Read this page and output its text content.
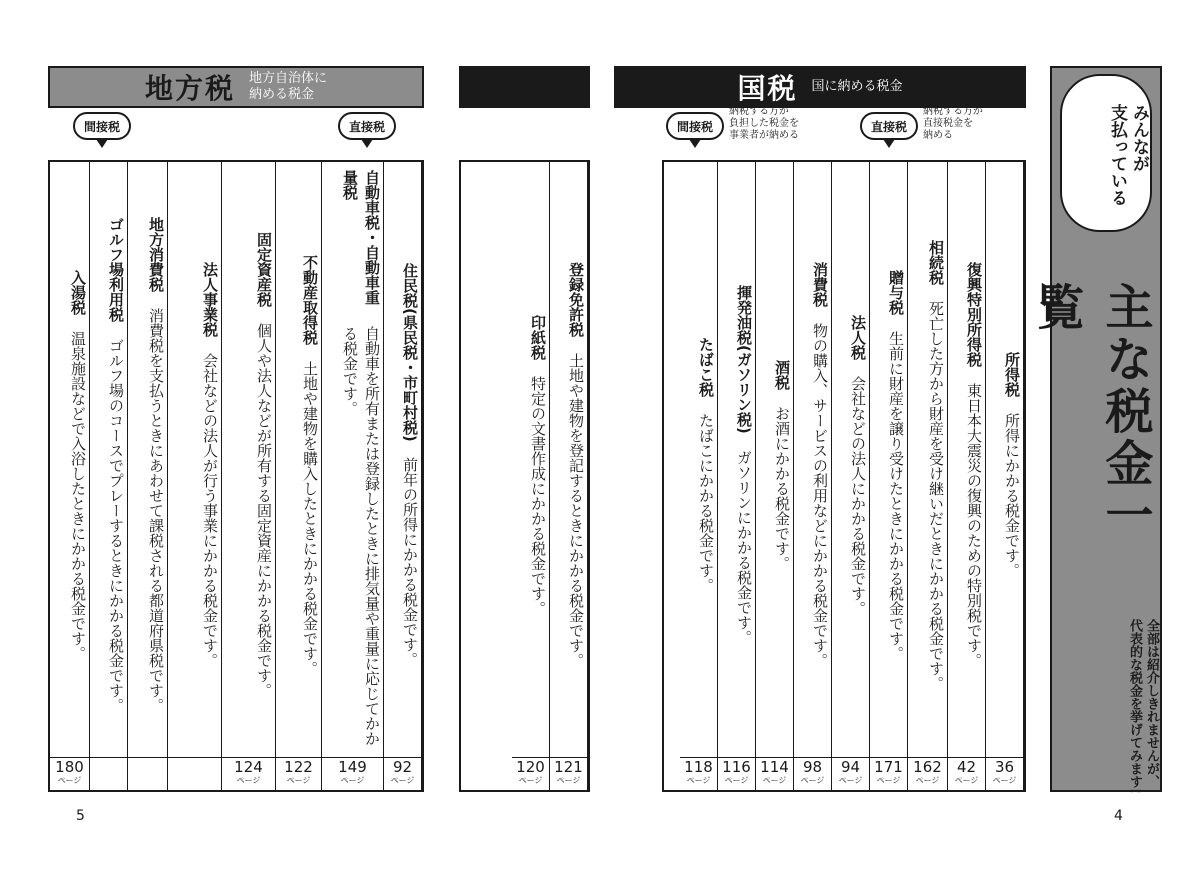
地方税 地方自治体に
納める税金	国税 国に納める税金
間接税	直接税	間接税
納税する方が
負担した税金を
事業者が納める
直接税
納税する方が
直接税金を
納める
住民税(県民税・市町村税)
前年の所得にかかる税金です。
92
ページ
自動車税・自動車重量税
自動車を所有または登録したときに排気量や重量に応じてかかる税金です。
149
ページ
不動産取得税
土地や建物を購入したときにかかる税金です。
122
ページ
固定資産税
個人や法人などが所有する固定資産にかかる税金です。
124
ページ
法人事業税
会社などの法人が行う事業にかかる税金です。
地方消費税
消費税を支払うときにあわせて課税される都道府県税です。
ゴルフ場利用税
ゴルフ場のコースでプレーするときにかかる税金です。
入湯税
温泉施設などで入浴したときにかかる税金です。
180
ページ
登録免許税
土地や建物を登記するときにかかる税金です。
121
ページ
印紙税
特定の文書作成にかかる税金です。
120
ページ
所得税
所得にかかる税金です。
36
ページ
復興特別所得税
東日本大震災の復興のための特別税です。
42
ページ
相続税
死亡した方から財産を受け継いだときにかかる税金です。
162
ページ
贈与税
生前に財産を譲り受けたときにかかる税金です。
171
ページ
法人税
会社などの法人にかかる税金です。
94
ページ
消費税
物の購入、サービスの利用などにかかる税金です。
98
ページ
酒税
お酒にかかる税金です。
114
ページ
揮発油税(ガソリン税)
ガソリンにかかる税金です。
116
ページ
たばこ税
たばこにかかる税金です。
118
ページ
みんなが
支払っている
主な税金一覧
全部は紹介しきれませんが、
代表的な税金を挙げてみます!
5	4
